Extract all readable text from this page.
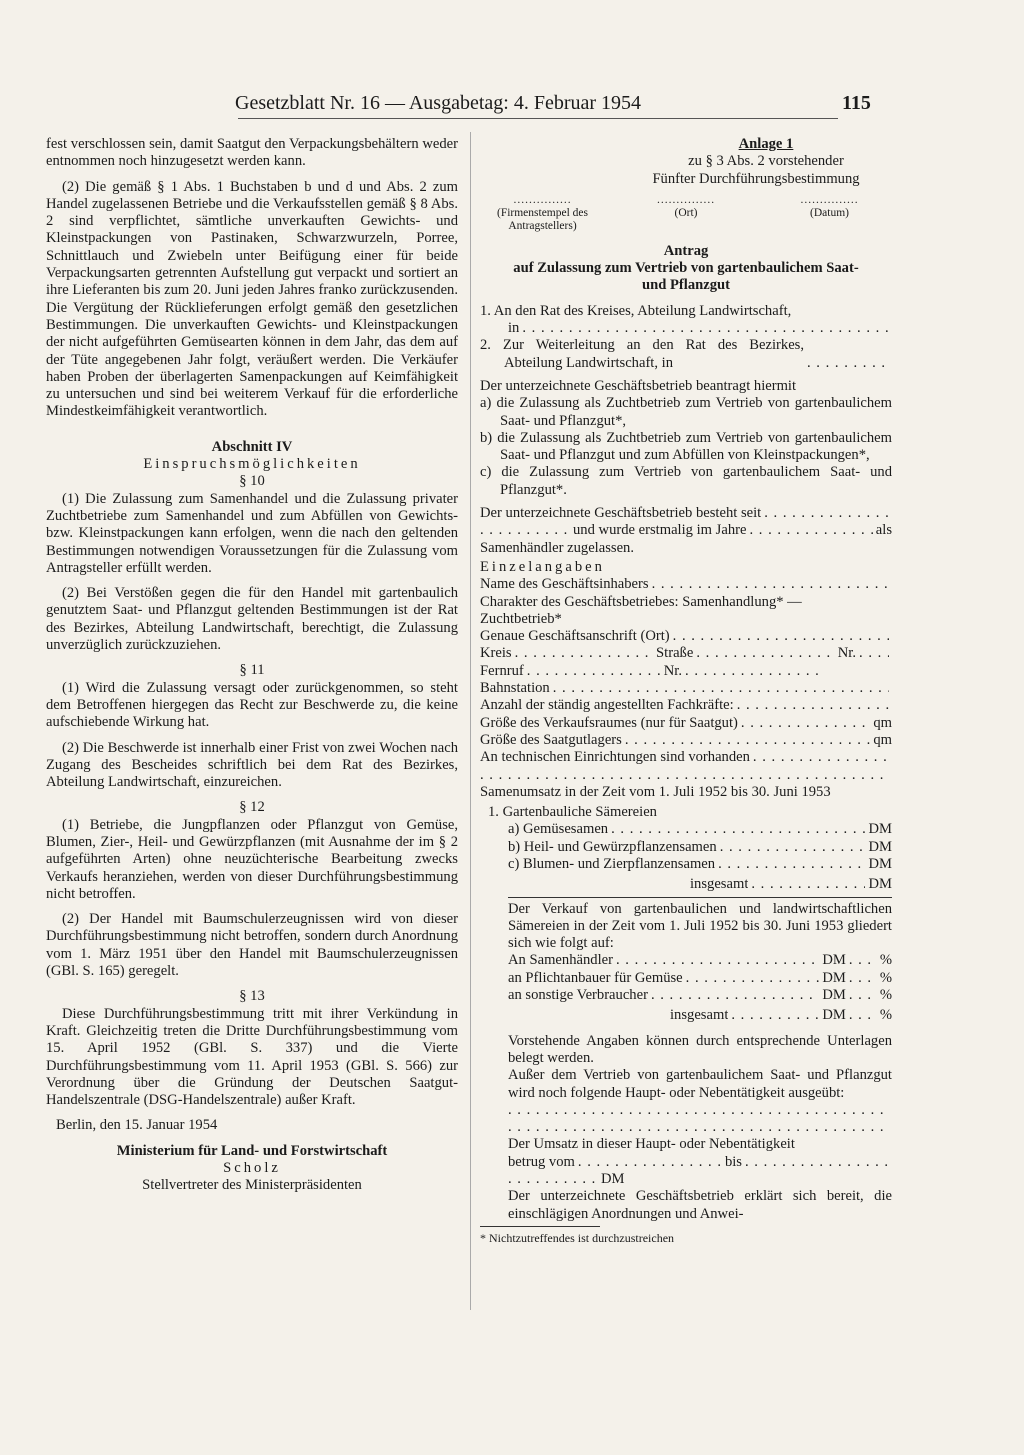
Gesetzblatt Nr. 16 — Ausgabetag: 4. Februar 1954	115

fest verschlossen sein, damit Saatgut den Verpackungsbehältern weder entnommen noch hinzugesetzt werden kann.

(2) Die gemäß § 1 Abs. 1 Buchstaben b und d und Abs. 2 zum Handel zugelassenen Betriebe und die Verkaufsstellen gemäß § 8 Abs. 2 sind verpflichtet, sämtliche unverkauften Gewichts- und Kleinstpackungen von Pastinaken, Schwarzwurzeln, Porree, Schnittlauch und Zwiebeln unter Beifügung einer für beide Verpackungsarten getrennten Aufstellung gut verpackt und sortiert an ihre Lieferanten bis zum 20. Juni jeden Jahres franko zurückzusenden. Die Vergütung der Rücklieferungen erfolgt gemäß den gesetzlichen Bestimmungen. Die unverkauften Gewichts- und Kleinstpackungen der nicht aufgeführten Gemüsearten können in dem Jahr, das dem auf der Tüte angegebenen Jahr folgt, veräußert werden. Die Verkäufer haben Proben der überlagerten Samenpackungen auf Keimfähigkeit zu untersuchen und sind bei weiterem Verkauf für die erforderliche Mindestkeimfähigkeit verantwortlich.

Abschnitt IV

Einspruchsmöglichkeiten

§ 10

(1) Die Zulassung zum Samenhandel und die Zulassung privater Zuchtbetriebe zum Samenhandel und zum Abfüllen von Gewichts- bzw. Kleinstpackungen kann erfolgen, wenn die nach den geltenden Bestimmungen notwendigen Voraussetzungen für die Zulassung vom Antragsteller erfüllt werden.

(2) Bei Verstößen gegen die für den Handel mit gartenbaulich genutztem Saat- und Pflanzgut geltenden Bestimmungen ist der Rat des Bezirkes, Abteilung Landwirtschaft, berechtigt, die Zulassung unverzüglich zurückzuziehen.

§ 11

(1) Wird die Zulassung versagt oder zurückgenommen, so steht dem Betroffenen hiergegen das Recht zur Beschwerde zu, die keine aufschiebende Wirkung hat.

(2) Die Beschwerde ist innerhalb einer Frist von zwei Wochen nach Zugang des Bescheides schriftlich bei dem Rat des Bezirkes, Abteilung Landwirtschaft, einzureichen.

§ 12

(1) Betriebe, die Jungpflanzen oder Pflanzgut von Gemüse, Blumen, Zier-, Heil- und Gewürzpflanzen (mit Ausnahme der im § 2 aufgeführten Arten) ohne neuzüchterische Bearbeitung zwecks Verkaufs heranziehen, werden von dieser Durchführungsbestimmung nicht betroffen.

(2) Der Handel mit Baumschulerzeugnissen wird von dieser Durchführungsbestimmung nicht betroffen, sondern durch Anordnung vom 1. März 1951 über den Handel mit Baumschulerzeugnissen (GBl. S. 165) geregelt.

§ 13

Diese Durchführungsbestimmung tritt mit ihrer Verkündung in Kraft. Gleichzeitig treten die Dritte Durchführungsbestimmung vom 15. April 1952 (GBl. S. 337) und die Vierte Durchführungsbestimmung vom 11. April 1953 (GBl. S. 566) zur Verordnung über die Gründung der Deutschen Saatgut-Handelszentrale (DSG-Handelszentrale) außer Kraft.

Berlin, den 15. Januar 1954

Ministerium für Land- und Forstwirtschaft

Scholz

Stellvertreter des Ministerpräsidenten

Anlage 1

zu § 3 Abs. 2 vorstehender

Fünfter Durchführungsbestimmung

...............
(Firmenstempel des Antragstellers)
...............
(Ort)
...............
(Datum)

Antrag

auf Zulassung zum Vertrieb von gartenbaulichem Saat- und Pflanzgut

1. An den Rat des Kreises, Abteilung Landwirtschaft,

in
. . .
2. Zur Weiterleitung an den Rat des Bezirkes, Abteilung Landwirtschaft, in
. . .

Der unterzeichnete Geschäftsbetrieb beantragt hiermit

a) die Zulassung als Zuchtbetrieb zum Vertrieb von gartenbaulichem Saat- und Pflanzgut*,

b) die Zulassung als Zuchtbetrieb zum Vertrieb von gartenbaulichem Saat- und Pflanzgut und zum Abfüllen von Kleinstpackungen*,

c) die Zulassung zum Vertrieb von gartenbaulichem Saat- und Pflanzgut*.

Der unterzeichnete Geschäftsbetrieb besteht seit
. . .
. . .
und wurde erstmalig im Jahre . . .	als

Samenhändler zugelassen.

Einzelangaben

Name des Geschäftsinhabers
. . .

Charakter des Geschäftsbetriebes: Samenhandlung* —

Zuchtbetrieb*

Genaue Geschäftsanschrift (Ort)
. . .
Kreis . . .	Straße . . .	Nr.
. . .
Fernruf . . .	Nr.
. . .
Bahnstation
. . .
Anzahl der ständig angestellten Fachkräfte:
. . .
Größe des Verkaufsraumes (nur für Saatgut) . . .	qm
Größe des Saatgutlagers . . .	qm
An technischen Einrichtungen sind vorhanden
. . .
. . .

Samenumsatz in der Zeit vom 1. Juli 1952 bis 30. Juni 1953

1. Gartenbauliche Sämereien

a) Gemüsesamen . . .	DM
b) Heil- und Gewürzpflanzensamen . . .	DM
c) Blumen- und Zierpflanzensamen . . .	DM
insgesamt . . .	DM

Der Verkauf von gartenbaulichen und landwirtschaftlichen Sämereien in der Zeit vom 1. Juli 1952 bis 30. Juni 1953 gliedert sich wie folgt auf:

An Samenhändler . . .	DM . . . %
an Pflichtanbauer für Gemüse . . .	DM . . . %
an sonstige Verbraucher . . .	DM . . . %
insgesamt . . .	DM . . . %

Vorstehende Angaben können durch entsprechende Unterlagen belegt werden.

Außer dem Vertrieb von gartenbaulichem Saat- und Pflanzgut wird noch folgende Haupt- oder Nebentätigkeit ausgeübt:

. . .
. . .

Der Umsatz in dieser Haupt- oder Nebentätigkeit

betrug vom . . .	bis
. . .
. . .
DM

Der unterzeichnete Geschäftsbetrieb erklärt sich bereit, die einschlägigen Anordnungen und Anwei-

* Nichtzutreffendes ist durchzustreichen
